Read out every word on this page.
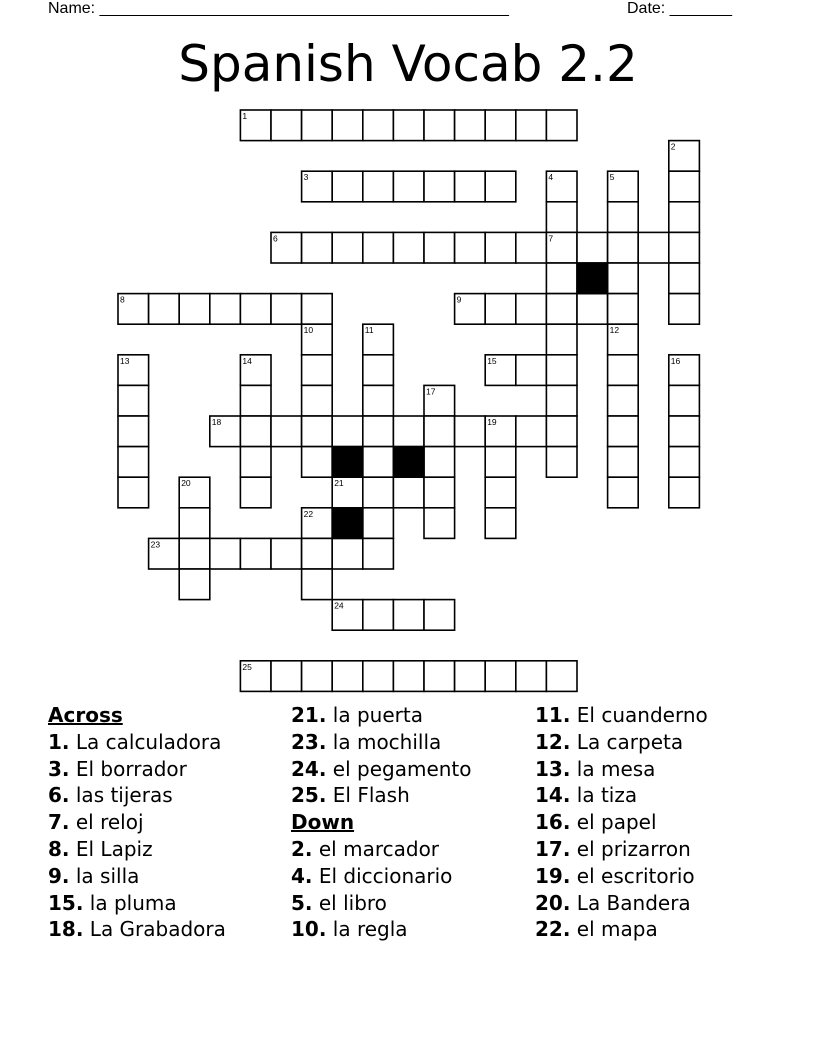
Name: ______________________________________________	Date: _______
Spanish Vocab 2.2
1
2
3	4	5
6	7
8	9
10	11	12
13	14	15	16
17
18	19
20	21
22
23
24
25
Across
1. La calculadora
3. El borrador
6. las tijeras
7. el reloj
8. El Lapiz
9. la silla
15. la pluma
18. La Grabadora
21. la puerta
23. la mochilla
24. el pegamento
25. El Flash
Down
2. el marcador
4. El diccionario
5. el libro
10. la regla
11. El cuanderno
12. La carpeta
13. la mesa
14. la tiza
16. el papel
17. el prizarron
19. el escritorio
20. La Bandera
22. el mapa
